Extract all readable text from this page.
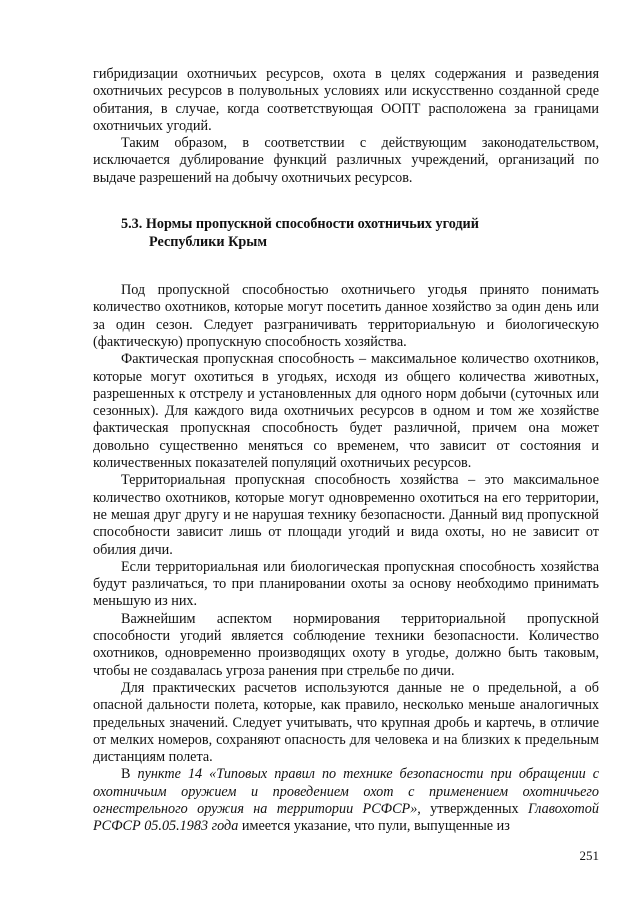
гибридизации охотничьих ресурсов, охота в целях содержания и разведения охотничьих ресурсов в полувольных условиях или искусственно созданной среде обитания, в случае, когда соответствующая ООПТ расположена за границами охотничьих угодий.

Таким образом, в соответствии с действующим законодательством, исключается дублирование функций различных учреждений, организаций по выдаче разрешений на добычу охотничьих ресурсов.

5.3. Нормы пропускной способности охотничьих угодий
Республики Крым

Под пропускной способностью охотничьего угодья принято понимать количество охотников, которые могут посетить данное хозяйство за один день или за один сезон. Следует разграничивать территориальную и биологическую (фактическую) пропускную способность хозяйства.

Фактическая пропускная способность – максимальное количество охотников, которые могут охотиться в угодьях, исходя из общего количества животных, разрешенных к отстрелу и установленных для одного норм добычи (суточных или сезонных). Для каждого вида охотничьих ресурсов в одном и том же хозяйстве фактическая пропускная способность будет различной, причем она может довольно существенно меняться со временем, что зависит от состояния и количественных показателей популяций охотничьих ресурсов.

Территориальная пропускная способность хозяйства – это максимальное количество охотников, которые могут одновременно охотиться на его территории, не мешая друг другу и не нарушая технику безопасности. Данный вид пропускной способности зависит лишь от площади угодий и вида охоты, но не зависит от обилия дичи.

Если территориальная или биологическая пропускная способность хозяйства будут различаться, то при планировании охоты за основу необходимо принимать меньшую из них.

Важнейшим аспектом нормирования территориальной пропускной способности угодий является соблюдение техники безопасности. Количество охотников, одновременно производящих охоту в угодье, должно быть таковым, чтобы не создавалась угроза ранения при стрельбе по дичи.

Для практических расчетов используются данные не о предельной, а об опасной дальности полета, которые, как правило, несколько меньше аналогичных предельных значений. Следует учитывать, что крупная дробь и картечь, в отличие от мелких номеров, сохраняют опасность для человека и на близких к предельным дистанциям полета.

В пункте 14 «Типовых правил по технике безопасности при обращении с охотничьим оружием и проведением охот с применением охотничьего огнестрельного оружия на территории РСФСР», утвержденных Главохотой РСФСР 05.05.1983 года имеется указание, что пули, выпущенные из

251
